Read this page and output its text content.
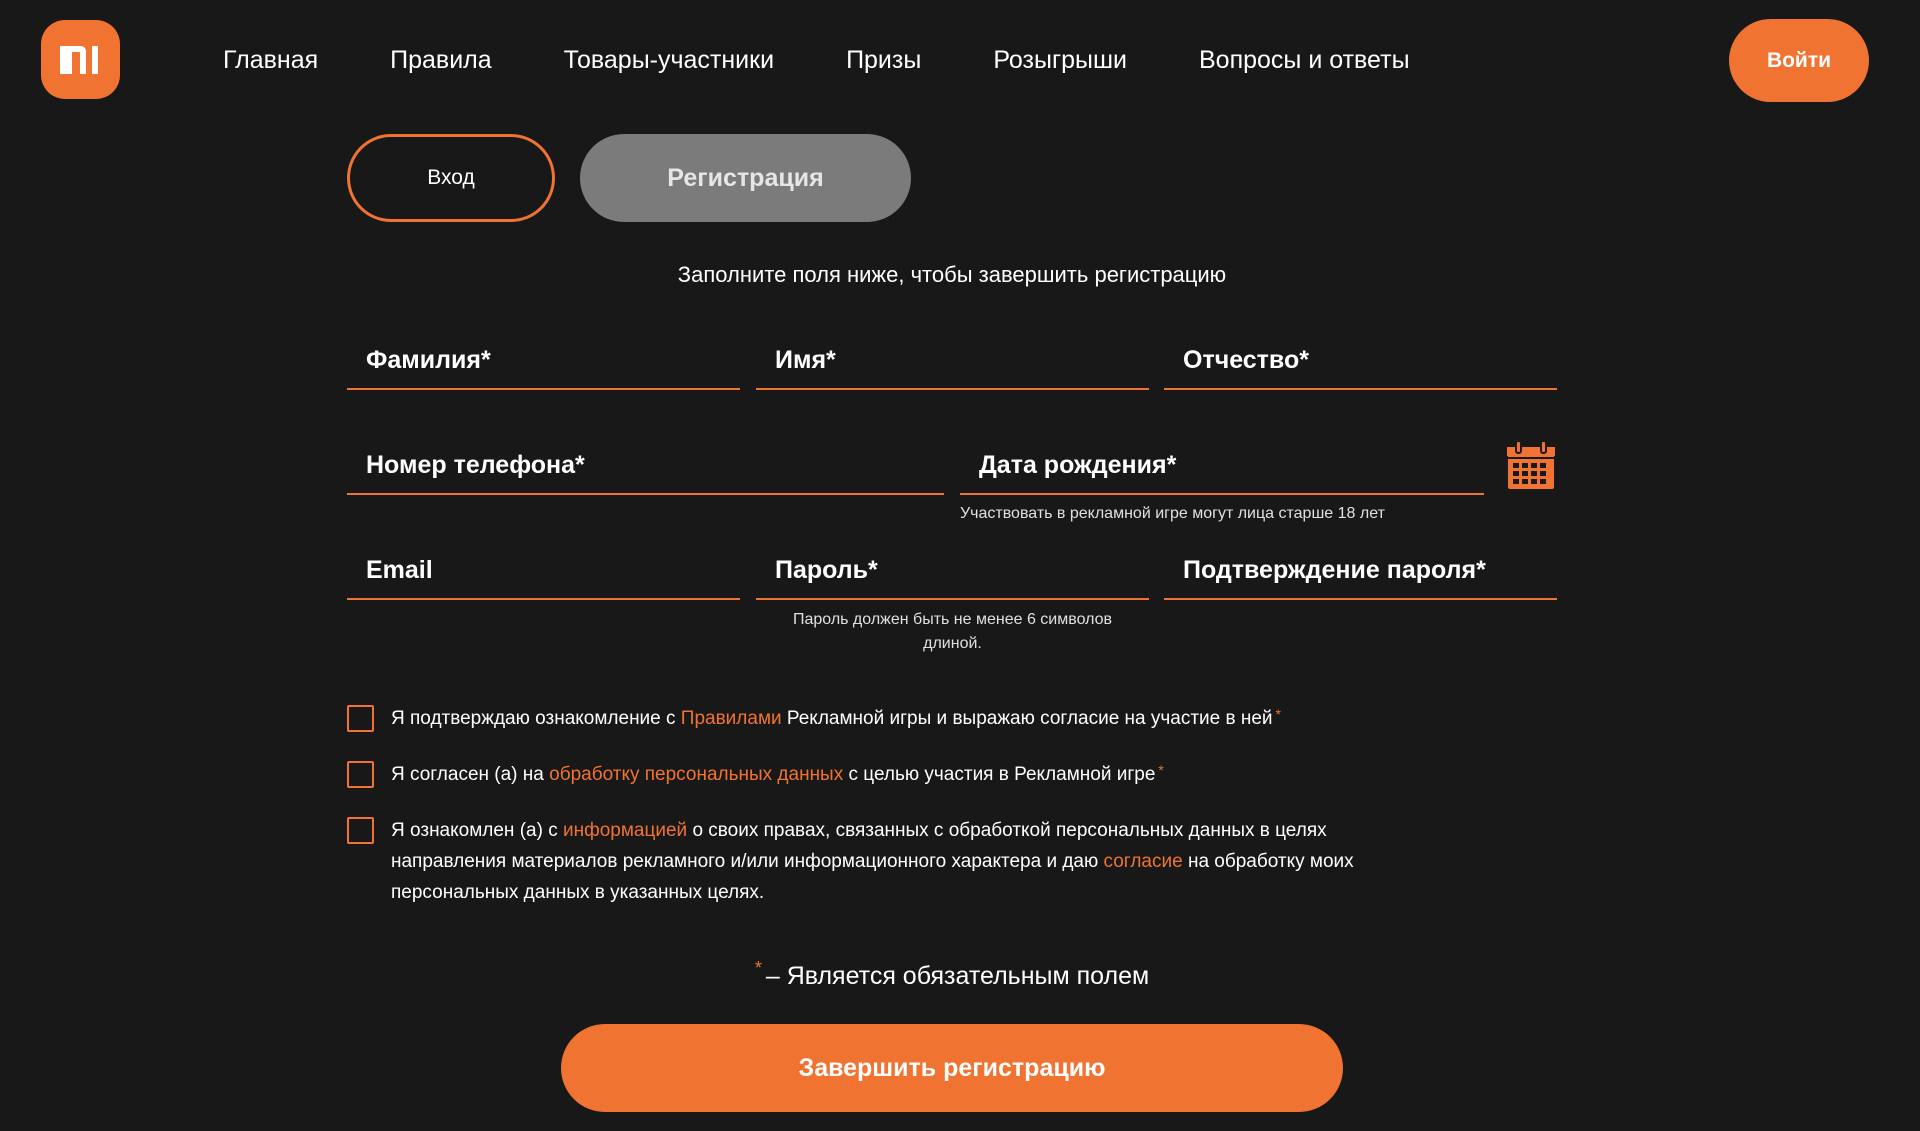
Главная	Правила	Товары-участники	Призы	Розыгрыши	Вопросы и ответы	Войти
Вход	Регистрация
Заполните поля ниже, чтобы завершить регистрацию
Фамилия*	Имя*	Отчество*
Номер телефона*	Дата рождения*
Участвовать в рекламной игре могут лица старше 18 лет
Email	Пароль*	Подтверждение пароля*
Пароль должен быть не менее 6 символов
длиной.
Я подтверждаю ознакомление с Правилами Рекламной игры и выражаю согласие на участие в ней *
Я согласен (а) на обработку персональных данных с целью участия в Рекламной игре *
Я ознакомлен (а) с информацией о своих правах, связанных с обработкой персональных данных в целях
направления материалов рекламного и/или информационного характера и даю согласие на обработку моих
персональных данных в указанных целях.
* – Является обязательным полем
Завершить регистрацию
